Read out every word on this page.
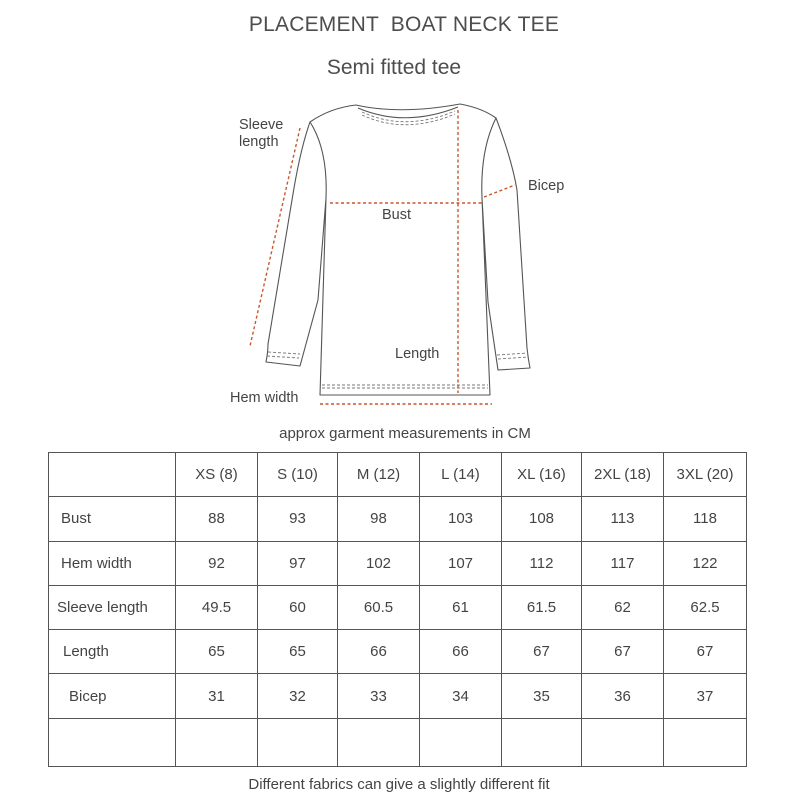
PLACEMENT  BOAT NECK TEE
Semi fitted tee
Sleeve
length
Bicep
Bust
Length
Hem width
approx garment measurements in CM
	XS (8)	S (10)	M (12)	L (14)	XL (16)	2XL (18)	3XL (20)
Bust	88	93	98	103	108	113	118
Hem width	92	97	102	107	112	117	122
Sleeve length	49.5	60	60.5	61	61.5	62	62.5
Length	65	65	66	66	67	67	67
Bicep	31	32	33	34	35	36	37

Different fabrics can give a slightly different fit
